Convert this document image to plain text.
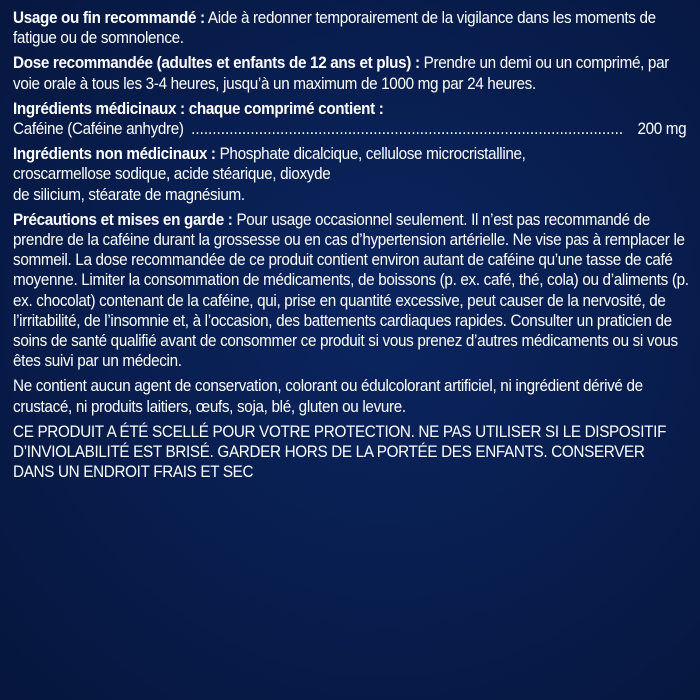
Usage ou fin recommandé : Aide à redonner temporairement de la vigilance dans les moments de fatigue ou de somnolence.

Dose recommandée (adultes et enfants de 12 ans et plus) : Prendre un demi ou un comprimé, par voie orale à tous les 3-4 heures, jusqu’à un maximum de 1000 mg par 24 heures.

Ingrédients médicinaux : chaque comprimé contient :

Caféine (Caféine anhydre)
.....	200 mg

Ingrédients non médicinaux : Phosphate dicalcique, cellulose microcristalline,

croscarmellose sodique, acide stéarique, dioxyde

de silicium, stéarate de magnésium.

Précautions et mises en garde : Pour usage occasionnel seulement. Il n’est pas recommandé de prendre de la caféine durant la grossesse ou en cas d’hypertension artérielle. Ne vise pas à remplacer le sommeil. La dose recommandée de ce produit contient environ autant de caféine qu’une tasse de café moyenne. Limiter la consommation de médicaments, de boissons (p. ex. café, thé, cola) ou d’aliments (p. ex. chocolat) contenant de la caféine, qui, prise en quantité excessive, peut causer de la nervosité, de l’irritabilité, de l’insomnie et, à l’occasion, des battements cardiaques rapides. Consulter un praticien de soins de santé qualifié avant de consommer ce produit si vous prenez d’autres médicaments ou si vous êtes suivi par un médecin.

Ne contient aucun agent de conservation, colorant ou édulcolorant artificiel, ni ingrédient dérivé de crustacé, ni produits laitiers, œufs, soja, blé, gluten ou levure.

CE PRODUIT A ÉTÉ SCELLÉ POUR VOTRE PROTECTION. NE PAS UTILISER SI LE DISPOSITIF D’INVIOLABILITÉ EST BRISÉ. GARDER HORS DE LA PORTÉE DES ENFANTS. CONSERVER DANS UN ENDROIT FRAIS ET SEC
